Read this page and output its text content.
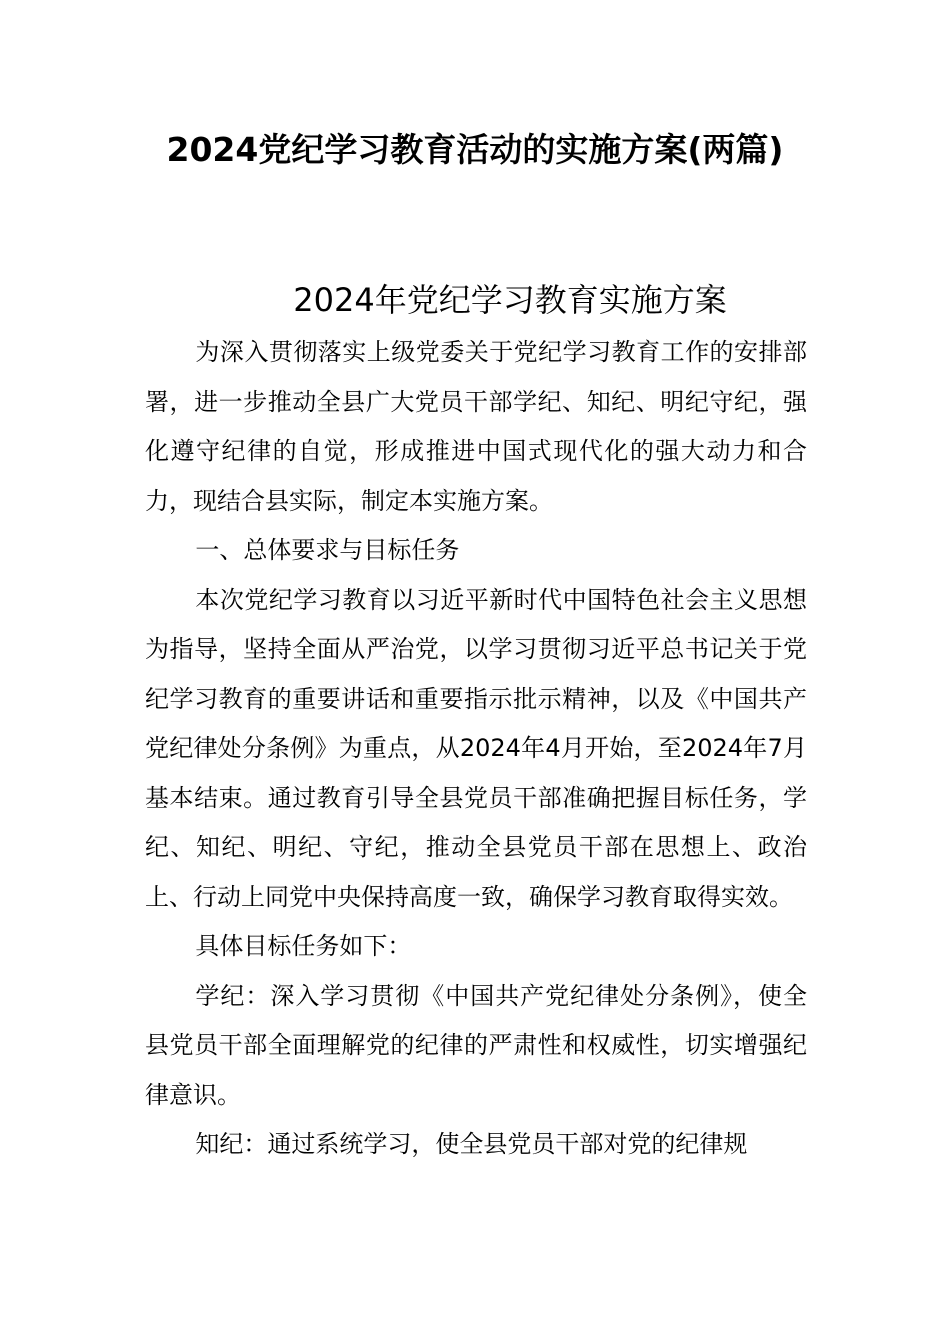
2024党纪学习教育活动的实施方案(两篇)
2024年党纪学习教育实施方案

为深入贯彻落实上级党委关于党纪学习教育工作的安排部署，进一步推动全县广大党员干部学纪、知纪、明纪守纪，强化遵守纪律的自觉，形成推进中国式现代化的强大动力和合力，现结合县实际，制定本实施方案。

一、总体要求与目标任务

本次党纪学习教育以习近平新时代中国特色社会主义思想为指导，坚持全面从严治党，以学习贯彻习近平总书记关于党纪学习教育的重要讲话和重要指示批示精神，以及《中国共产党纪律处分条例》为重点，从2024年4月开始，至2024年7月基本结束。通过教育引导全县党员干部准确把握目标任务，学纪、知纪、明纪、守纪，推动全县党员干部在思想上、政治上、行动上同党中央保持高度一致，确保学习教育取得实效。

具体目标任务如下：

学纪：深入学习贯彻《中国共产党纪律处分条例》，使全县党员干部全面理解党的纪律的严肃性和权威性，切实增强纪律意识。

知纪：通过系统学习，使全县党员干部对党的纪律规
